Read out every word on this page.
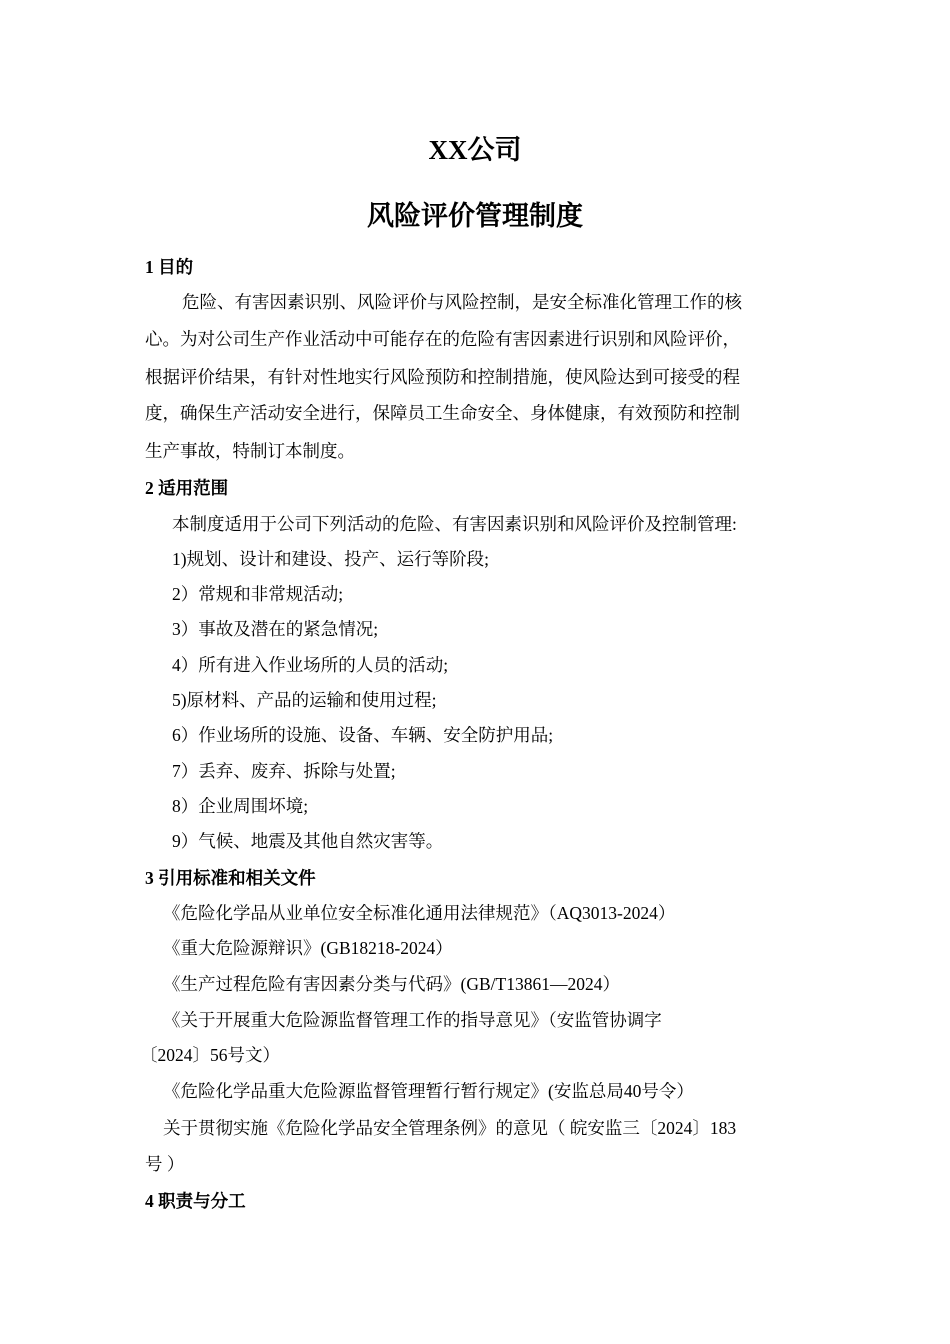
XX公司
风险评价管理制度
1 目的
危险、有害因素识别、风险评价与风险控制，是安全标准化管理工作的核
心。为对公司生产作业活动中可能存在的危险有害因素进行识别和风险评价，
根据评价结果，有针对性地实行风险预防和控制措施，使风险达到可接受的程
度，确保生产活动安全进行，保障员工生命安全、身体健康，有效预防和控制
生产事故，特制订本制度。
2 适用范围
本制度适用于公司下列活动的危险、有害因素识别和风险评价及控制管理:
1)规划、设计和建设、投产、运行等阶段;
2）常规和非常规活动;
3）事故及潜在的紧急情况;
4）所有进入作业场所的人员的活动;
5)原材料、产品的运输和使用过程;
6）作业场所的设施、设备、车辆、安全防护用品;
7）丢弃、废弃、拆除与处置;
8）企业周围坏境;
9）气候、地震及其他自然灾害等。
3 引用标准和相关文件
《危险化学品从业单位安全标准化通用法律规范》（AQ3013-2024）
《重大危险源辩识》(GB18218-2024）
《生产过程危险有害因素分类与代码》(GB/T13861—2024）
《关于开展重大危险源监督管理工作的指导意见》（安监管协调字
〔2024〕56号文）
《危险化学品重大危险源监督管理暂行暂行规定》(安监总局40号令）
关于贯彻实施《危险化学品安全管理条例》的意见（ 皖安监三〔2024〕183
号 ）
4 职责与分工
